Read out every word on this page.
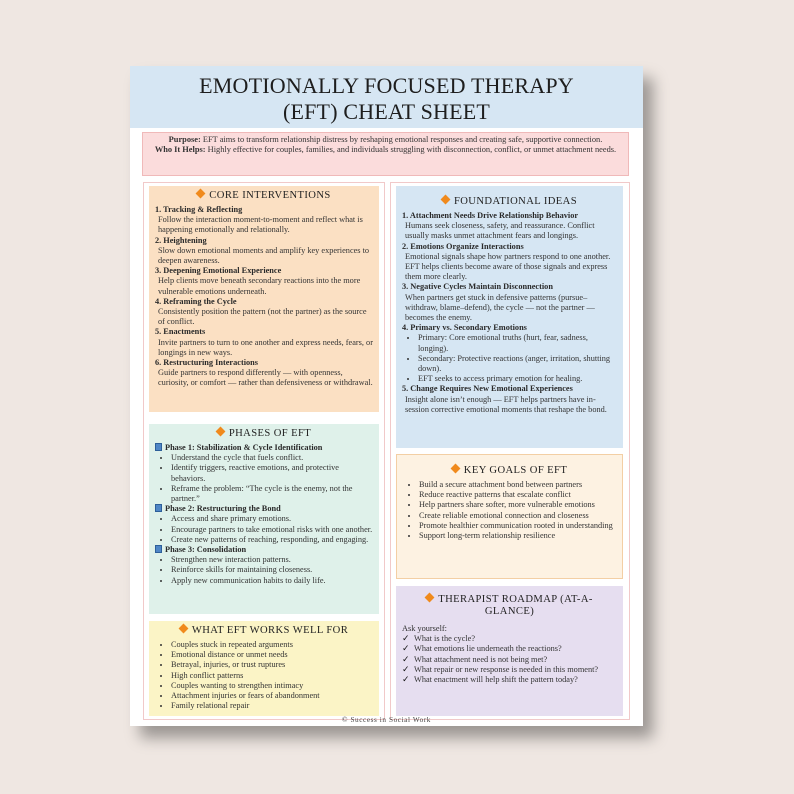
EMOTIONALLY FOCUSED THERAPY
(EFT) CHEAT SHEET
Purpose: EFT aims to transform relationship distress by reshaping emotional responses and creating safe, supportive connection.
Who It Helps: Highly effective for couples, families, and individuals struggling with disconnection, conflict, or unmet attachment needs.
CORE INTERVENTIONS
1. Tracking & Reflecting
Follow the interaction moment-to-moment and reflect what is happening emotionally and relationally.
2. Heightening
Slow down emotional moments and amplify key experiences to deepen awareness.
3. Deepening Emotional Experience
Help clients move beneath secondary reactions into the more vulnerable emotions underneath.
4. Reframing the Cycle
Consistently position the pattern (not the partner) as the source of conflict.
5. Enactments
Invite partners to turn to one another and express needs, fears, or longings in new ways.
6. Restructuring Interactions
Guide partners to respond differently — with openness, curiosity, or comfort — rather than defensiveness or withdrawal.
PHASES OF EFT
Phase 1: Stabilization & Cycle Identification
• Understand the cycle that fuels conflict.
• Identify triggers, reactive emotions, and protective behaviors.
• Reframe the problem: “The cycle is the enemy, not the partner.”
Phase 2: Restructuring the Bond
• Access and share primary emotions.
• Encourage partners to take emotional risks with one another.
• Create new patterns of reaching, responding, and engaging.
Phase 3: Consolidation
• Strengthen new interaction patterns.
• Reinforce skills for maintaining closeness.
• Apply new communication habits to daily life.
WHAT EFT WORKS WELL FOR
• Couples stuck in repeated arguments
• Emotional distance or unmet needs
• Betrayal, injuries, or trust ruptures
• High conflict patterns
• Couples wanting to strengthen intimacy
• Attachment injuries or fears of abandonment
• Family relational repair
FOUNDATIONAL IDEAS
1. Attachment Needs Drive Relationship Behavior
Humans seek closeness, safety, and reassurance. Conflict usually masks unmet attachment fears and longings.
2. Emotions Organize Interactions
Emotional signals shape how partners respond to one another. EFT helps clients become aware of those signals and express them more clearly.
3. Negative Cycles Maintain Disconnection
When partners get stuck in defensive patterns (pursue–withdraw, blame–defend), the cycle — not the partner — becomes the enemy.
4. Primary vs. Secondary Emotions
• Primary: Core emotional truths (hurt, fear, sadness, longing).
• Secondary: Protective reactions (anger, irritation, shutting down).
• EFT seeks to access primary emotion for healing.
5. Change Requires New Emotional Experiences
Insight alone isn’t enough — EFT helps partners have in-session corrective emotional moments that reshape the bond.
KEY GOALS OF EFT
• Build a secure attachment bond between partners
• Reduce reactive patterns that escalate conflict
• Help partners share softer, more vulnerable emotions
• Create reliable emotional connection and closeness
• Promote healthier communication rooted in understanding
• Support long-term relationship resilience
THERAPIST ROADMAP (AT-A-GLANCE)
Ask yourself:
✓ What is the cycle?
✓ What emotions lie underneath the reactions?
✓ What attachment need is not being met?
✓ What repair or new response is needed in this moment?
✓ What enactment will help shift the pattern today?
© Success in Social Work
